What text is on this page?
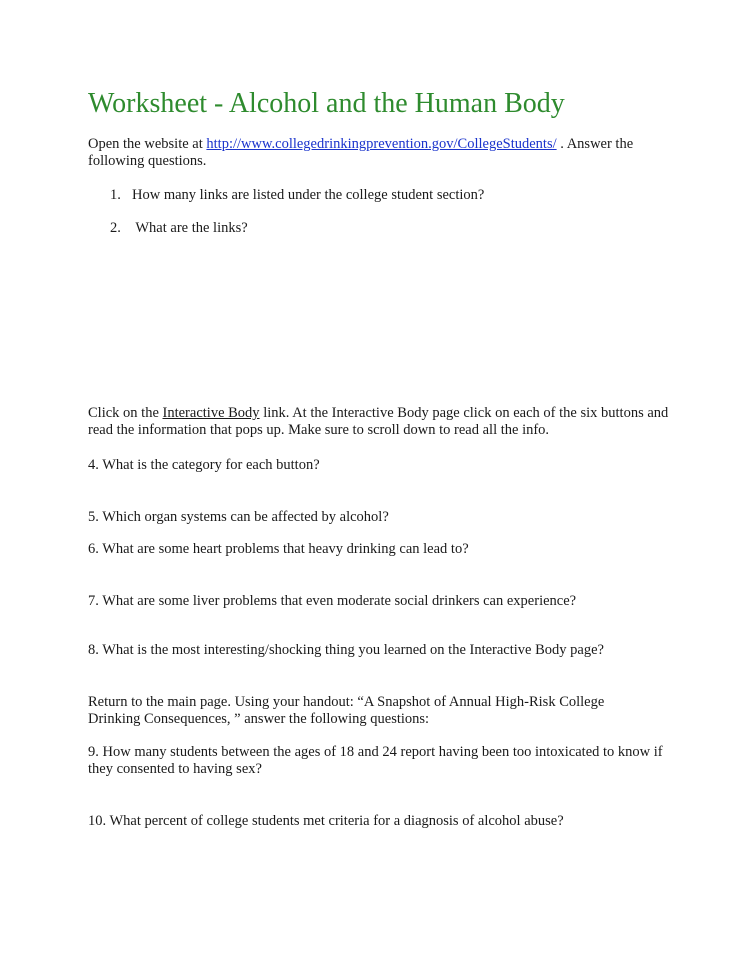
Worksheet - Alcohol and the Human Body

Open the website at http://www.collegedrinkingprevention.gov/CollegeStudents/ . Answer the following questions.

1. How many links are listed under the college student section?
2. What are the links?

Click on the Interactive Body link. At the Interactive Body page click on each of the six buttons and read the information that pops up. Make sure to scroll down to read all the info.

4. What is the category for each button?

5. Which organ systems can be affected by alcohol?

6. What are some heart problems that heavy drinking can lead to?

7. What are some liver problems that even moderate social drinkers can experience?

8. What is the most interesting/shocking thing you learned on the Interactive Body page?

Return to the main page. Using your handout: “A Snapshot of Annual High-Risk College Drinking Consequences, ” answer the following questions:

9. How many students between the ages of 18 and 24 report having been too intoxicated to know if they consented to having sex?

10. What percent of college students met criteria for a diagnosis of alcohol abuse?
